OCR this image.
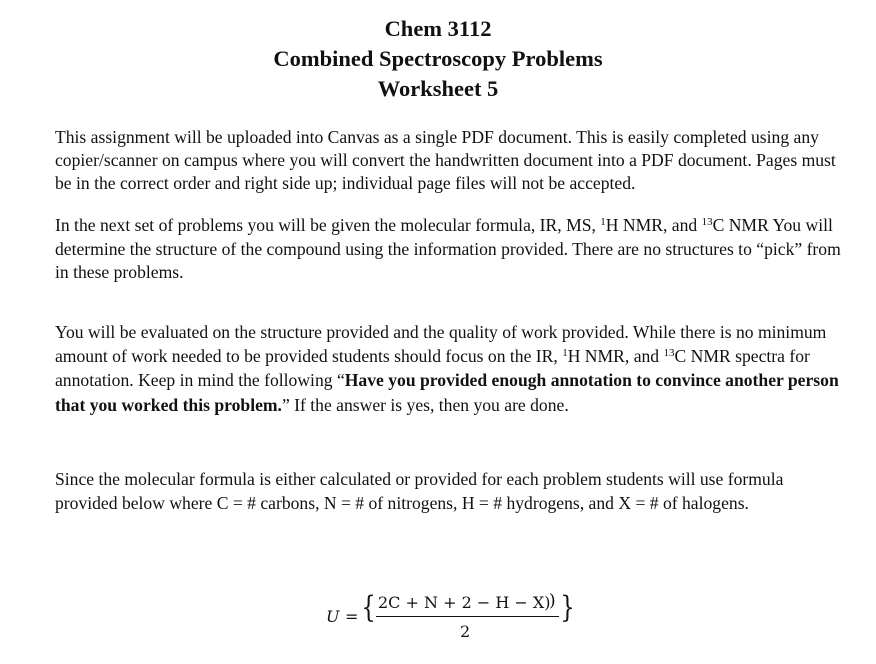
Chem 3112
Combined Spectroscopy Problems
Worksheet 5

This assignment will be uploaded into Canvas as a single PDF document. This is easily completed using any copier/scanner on campus where you will convert the handwritten document into a PDF document. Pages must be in the correct order and right side up; individual page files will not be accepted.

In the next set of problems you will be given the molecular formula, IR, MS, $^1$H NMR, and $^{13}$C NMR You will determine the structure of the compound using the information provided. There are no structures to “pick” from in these problems.

You will be evaluated on the structure provided and the quality of work provided. While there is no minimum amount of work needed to be provided students should focus on the IR, $^1$H NMR, and $^{13}$C NMR spectra for annotation. Keep in mind the following “Have you provided enough annotation to convince another person that you worked this problem.” If the answer is yes, then you are done.

Since the molecular formula is either calculated or provided for each problem students will use formula provided below where C = # carbons, N = # of nitrogens, H = # hydrogens, and X = # of halogens.

U = { 2C + N + 2 − H − X)
2
) }
